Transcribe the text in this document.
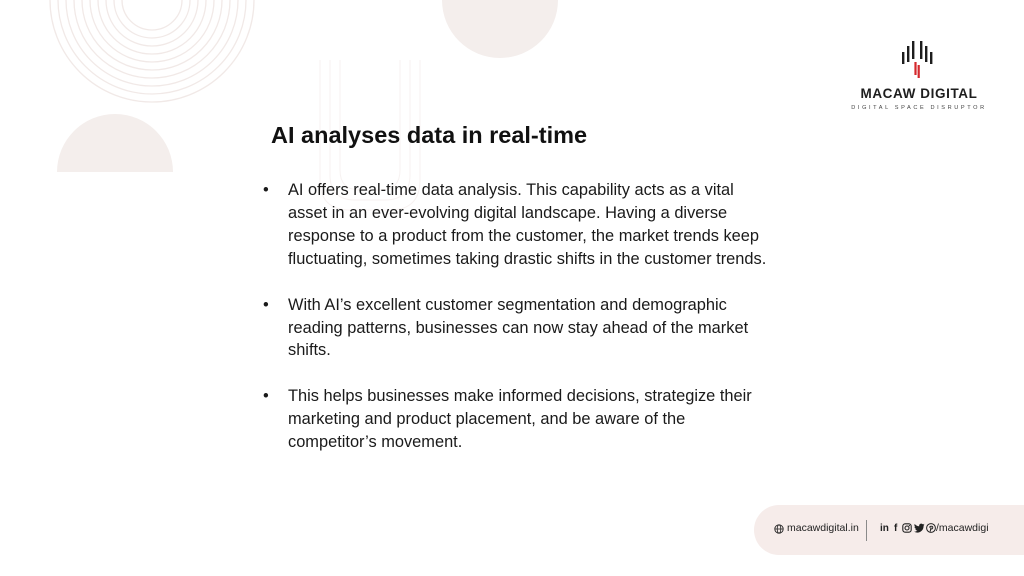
MACAW DIGITAL
DIGITAL SPACE DISRUPTOR
AI analyses data in real-time
• AI offers real-time data analysis. This capability acts as a vital asset in an ever-evolving digital landscape. Having a diverse response to a product from the customer, the market trends keep fluctuating, sometimes taking drastic shifts in the customer trends.
• With AI’s excellent customer segmentation and demographic reading patterns, businesses can now stay ahead of the market shifts.
• This helps businesses make informed decisions, strategize their marketing and product placement, and be aware of the competitor’s movement.
macawdigital.in in f	/macawdigi
